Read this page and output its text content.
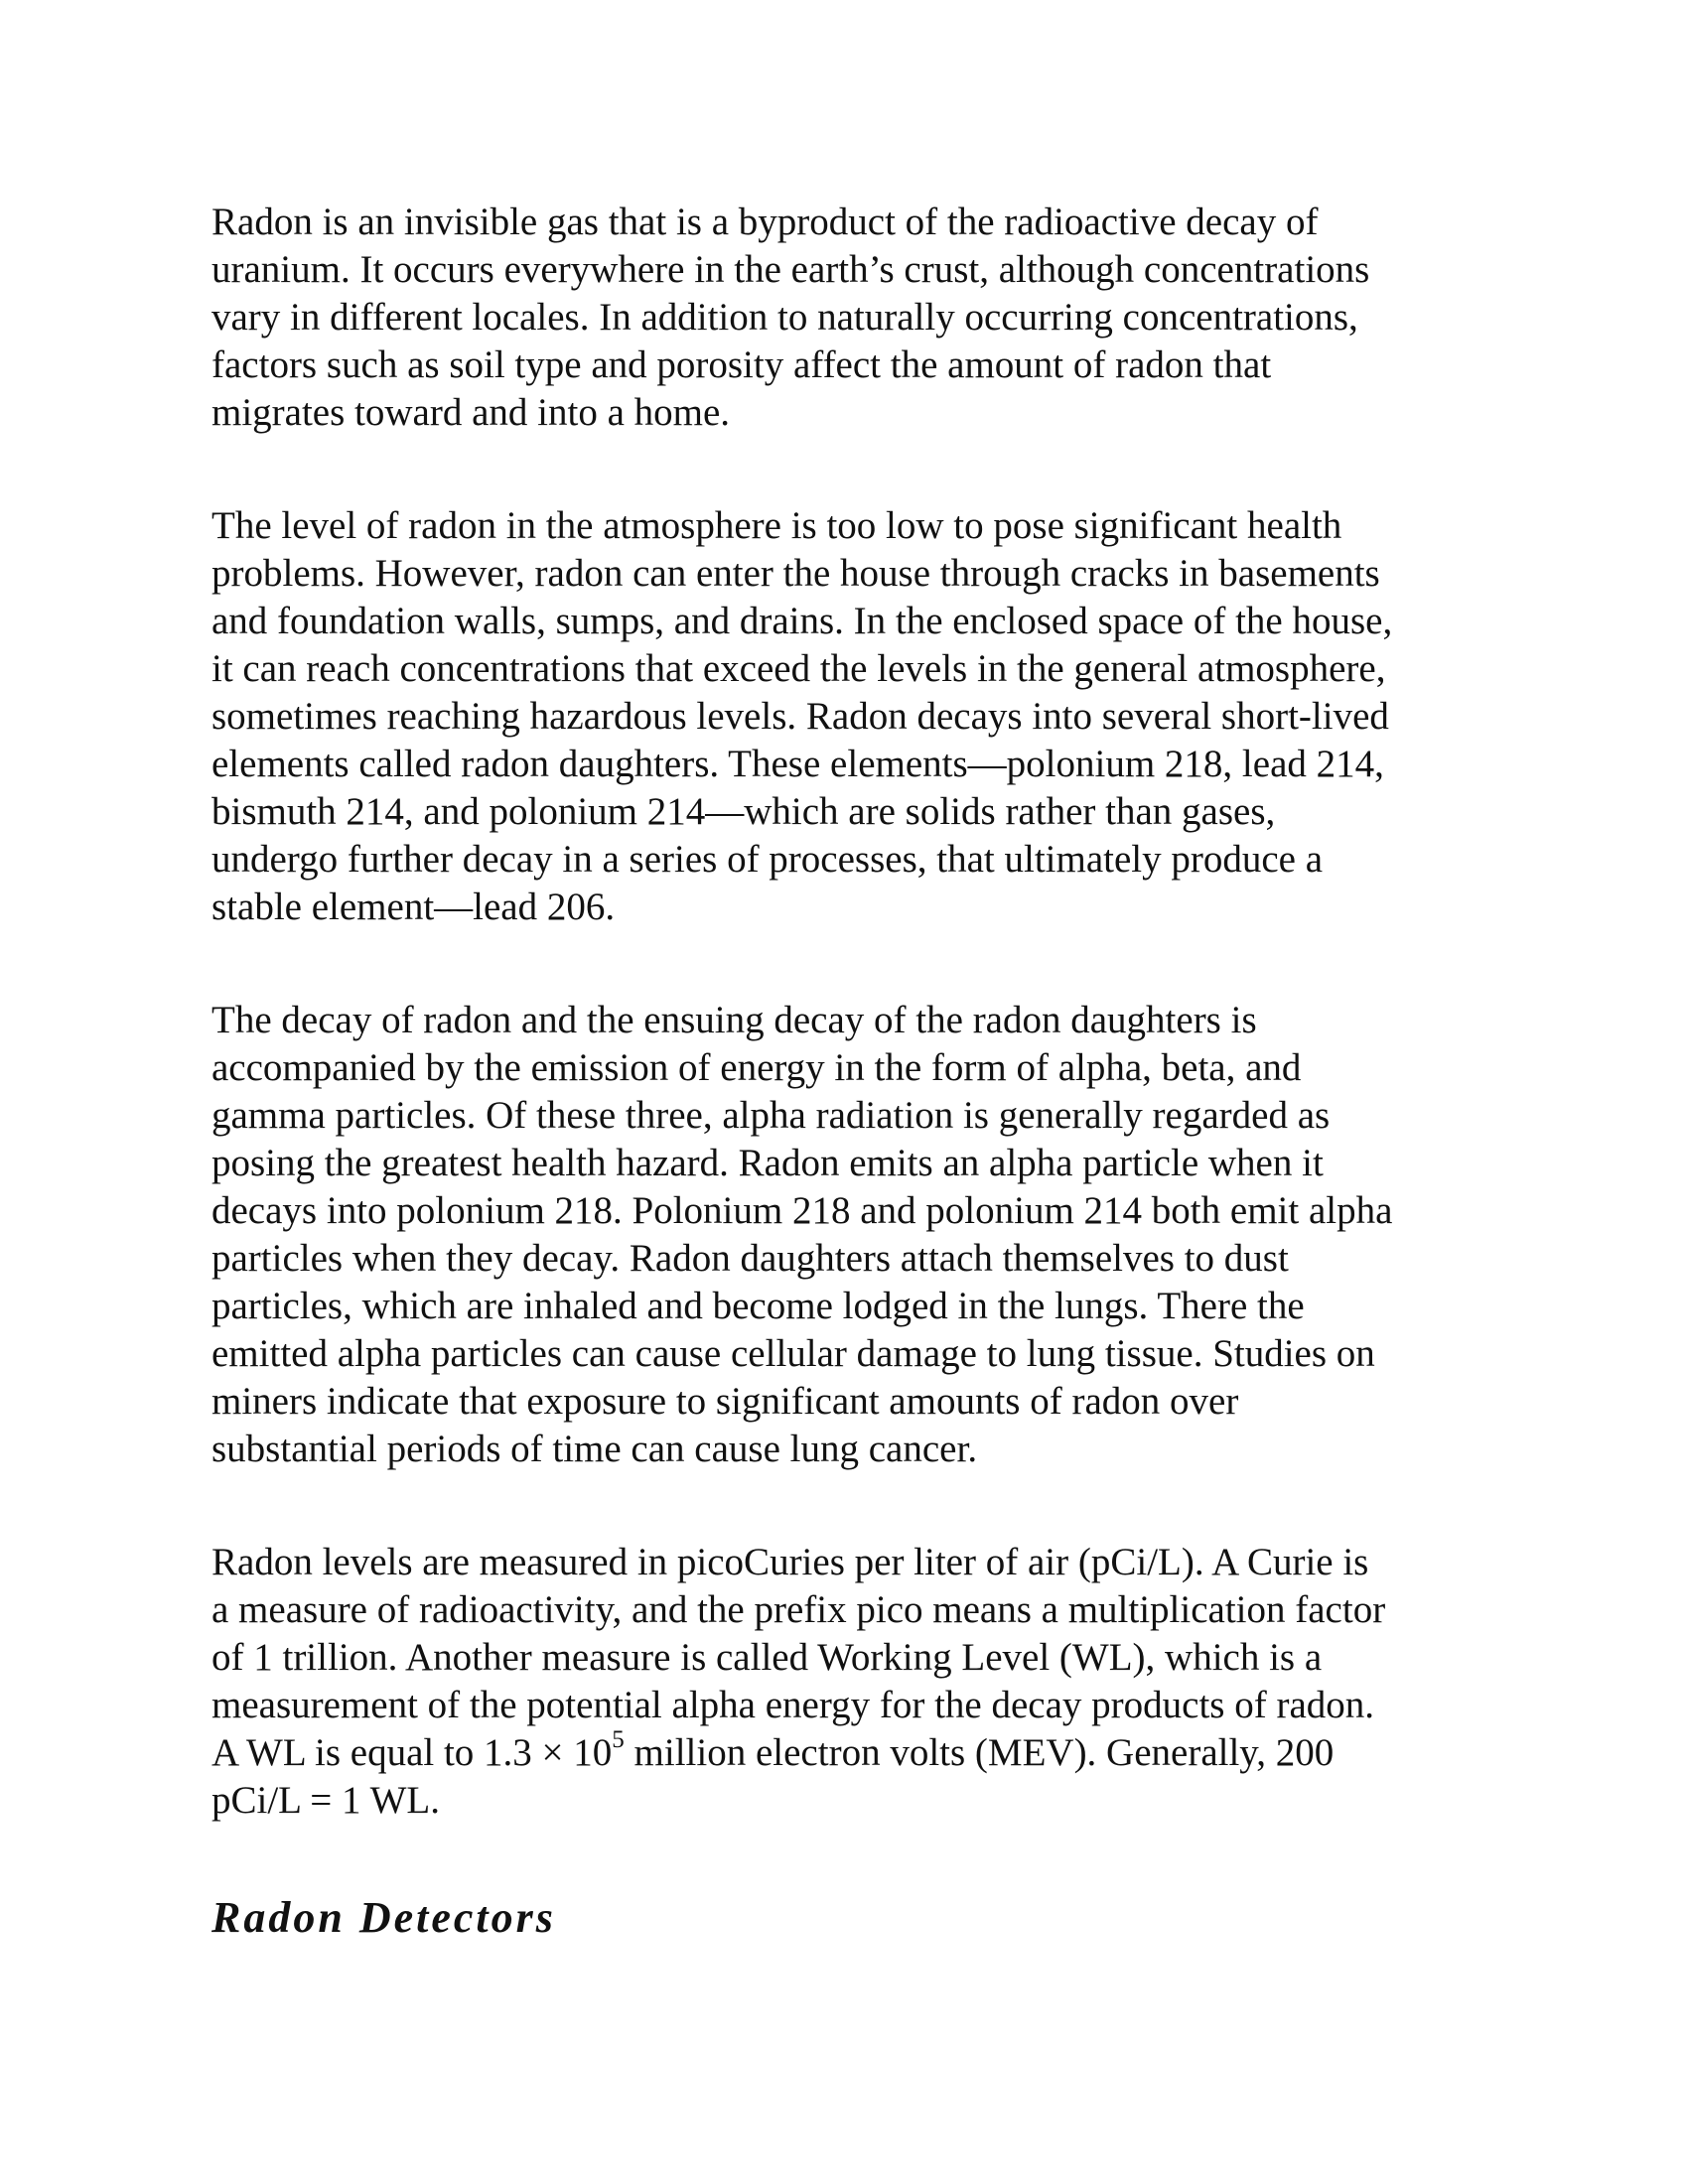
Radon is an invisible gas that is a byproduct of the radioactive decay of
uranium. It occurs everywhere in the earth’s crust, although concentrations
vary in different locales. In addition to naturally occurring concentrations,
factors such as soil type and porosity affect the amount of radon that
migrates toward and into a home.

The level of radon in the atmosphere is too low to pose significant health
problems. However, radon can enter the house through cracks in basements
and foundation walls, sumps, and drains. In the enclosed space of the house,
it can reach concentrations that exceed the levels in the general atmosphere,
sometimes reaching hazardous levels. Radon decays into several short-lived
elements called radon daughters. These elements—polonium 218, lead 214,
bismuth 214, and polonium 214—which are solids rather than gases,
undergo further decay in a series of processes, that ultimately produce a
stable element—lead 206.

The decay of radon and the ensuing decay of the radon daughters is
accompanied by the emission of energy in the form of alpha, beta, and
gamma particles. Of these three, alpha radiation is generally regarded as
posing the greatest health hazard. Radon emits an alpha particle when it
decays into polonium 218. Polonium 218 and polonium 214 both emit alpha
particles when they decay. Radon daughters attach themselves to dust
particles, which are inhaled and become lodged in the lungs. There the
emitted alpha particles can cause cellular damage to lung tissue. Studies on
miners indicate that exposure to significant amounts of radon over
substantial periods of time can cause lung cancer.

Radon levels are measured in picoCuries per liter of air (pCi/L). A Curie is
a measure of radioactivity, and the prefix pico means a multiplication factor
of 1 trillion. Another measure is called Working Level (WL), which is a
measurement of the potential alpha energy for the decay products of radon.
A WL is equal to $1.3 \times 10^5$ million electron volts (MEV). Generally, 200
pCi/L = 1 WL.

Radon Detectors
